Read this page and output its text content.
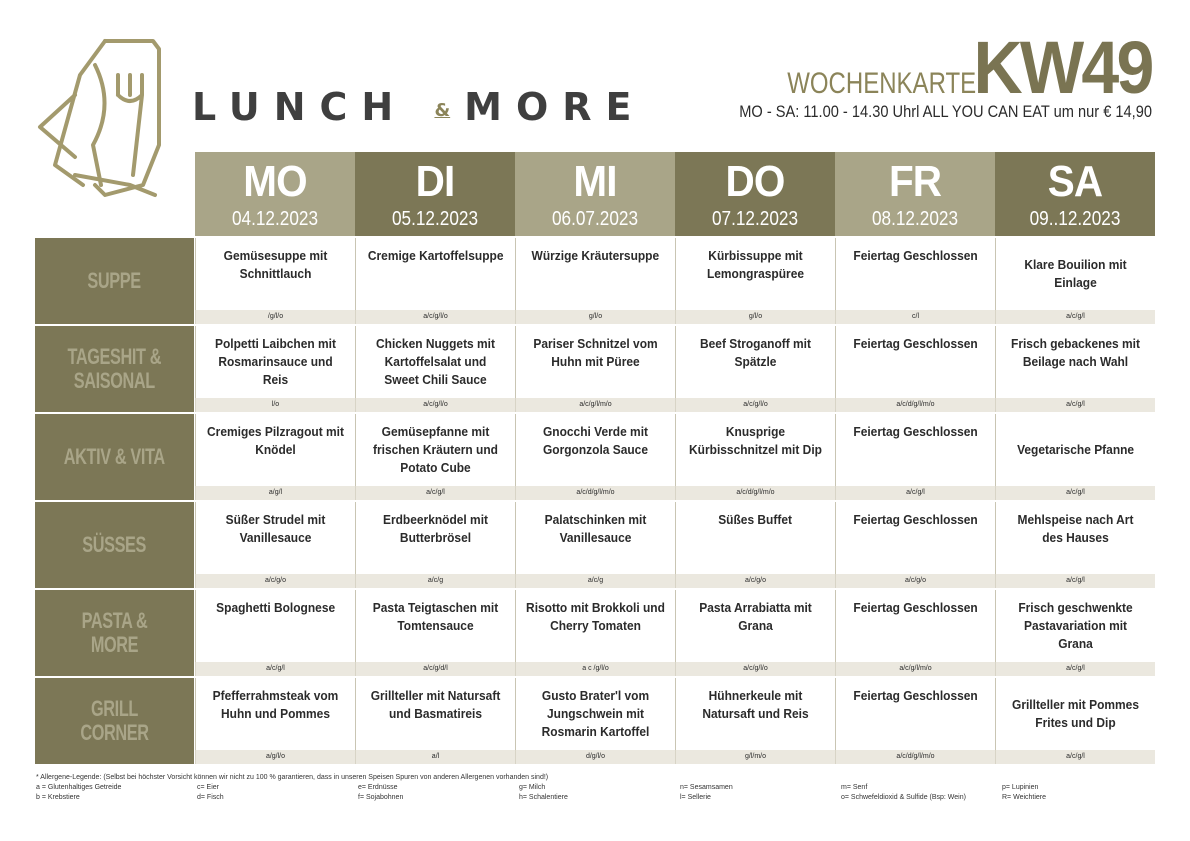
LUNCH & MORE
WOCHENKARTE KW49
MO - SA: 11.00 - 14.30 Uhrl ALL YOU CAN EAT um nur € 14,90
MO
04.12.2023
DI
05.12.2023
MI
06.07.2023
DO
07.12.2023
FR
08.12.2023
SA
09..12.2023
SUPPE
Gemüsesuppe mit Schnittlauch
/g/l/o
Cremige Kartoffelsuppe
a/c/g/l/o
Würzige Kräutersuppe
g/l/o
Kürbissuppe mit Lemongraspüree
g/l/o
Feiertag Geschlossen
c/l
Klare Bouilion mit Einlage
a/c/g/l
TAGESHIT &
SAISONAL
Polpetti Laibchen mit Rosmarinsauce und Reis
l/o
Chicken Nuggets mit Kartoffelsalat und Sweet Chili Sauce
a/c/g/l/o
Pariser Schnitzel vom Huhn mit Püree
a/c/g/l/m/o
Beef Stroganoff mit Spätzle
a/c/g/l/o
Feiertag Geschlossen
a/c/d/g/l/m/o
Frisch gebackenes mit Beilage nach Wahl
a/c/g/l
AKTIV & VITA
Cremiges Pilzragout mit Knödel
a/g/l
Gemüsepfanne mit frischen Kräutern und Potato Cube
a/c/g/l
Gnocchi Verde mit Gorgonzola Sauce
a/c/d/g/l/m/o
Knusprige Kürbisschnitzel mit Dip
a/c/d/g/l/m/o
Feiertag Geschlossen
a/c/g/l
Vegetarische Pfanne
a/c/g/l
SÜSSES
Süßer Strudel mit Vanillesauce
a/c/g/o
Erdbeerknödel mit Butterbrösel
a/c/g
Palatschinken mit Vanillesauce
a/c/g
Süßes Buffet
a/c/g/o
Feiertag Geschlossen
a/c/g/o
Mehlspeise nach Art des Hauses
a/c/g/l
PASTA &
MORE
Spaghetti Bolognese
a/c/g/l
Pasta Teigtaschen mit Tomtensauce
a/c/g/d/l
Risotto mit Brokkoli und Cherry Tomaten
a c /g/l/o
Pasta Arrabiatta mit Grana
a/c/g/l/o
Feiertag Geschlossen
a/c/g/l/m/o
Frisch geschwenkte Pastavariation mit Grana
a/c/g/l
GRILL CORNER
Pfefferrahmsteak vom Huhn und Pommes
a/g/l/o
Grillteller mit Natursaft und Basmatireis
a/l
Gusto Brater'l vom Jungschwein mit Rosmarin Kartoffel
d/g/l/o
Hühnerkeule mit Natursaft und Reis
g/l/m/o
Feiertag Geschlossen
a/c/d/g/l/m/o
Grillteller mit Pommes Frites und Dip
a/c/g/l
* Allergene-Legende: (Selbst bei höchster Vorsicht können wir nicht zu 100 % garantieren, dass in unseren Speisen Spuren von anderen Allergenen vorhanden sind!)
a = Glutenhaltiges Getreide
b = Krebstiere
c= Eier
d= Fisch
e= Erdnüsse
f= Sojabohnen
g= Milch
h= Schalentiere
n= Sesamsamen
l= Sellerie
m= Senf
o= Schwefeldioxid & Sulfide (Bsp: Wein)
p= Lupinien
R= Weichtiere
